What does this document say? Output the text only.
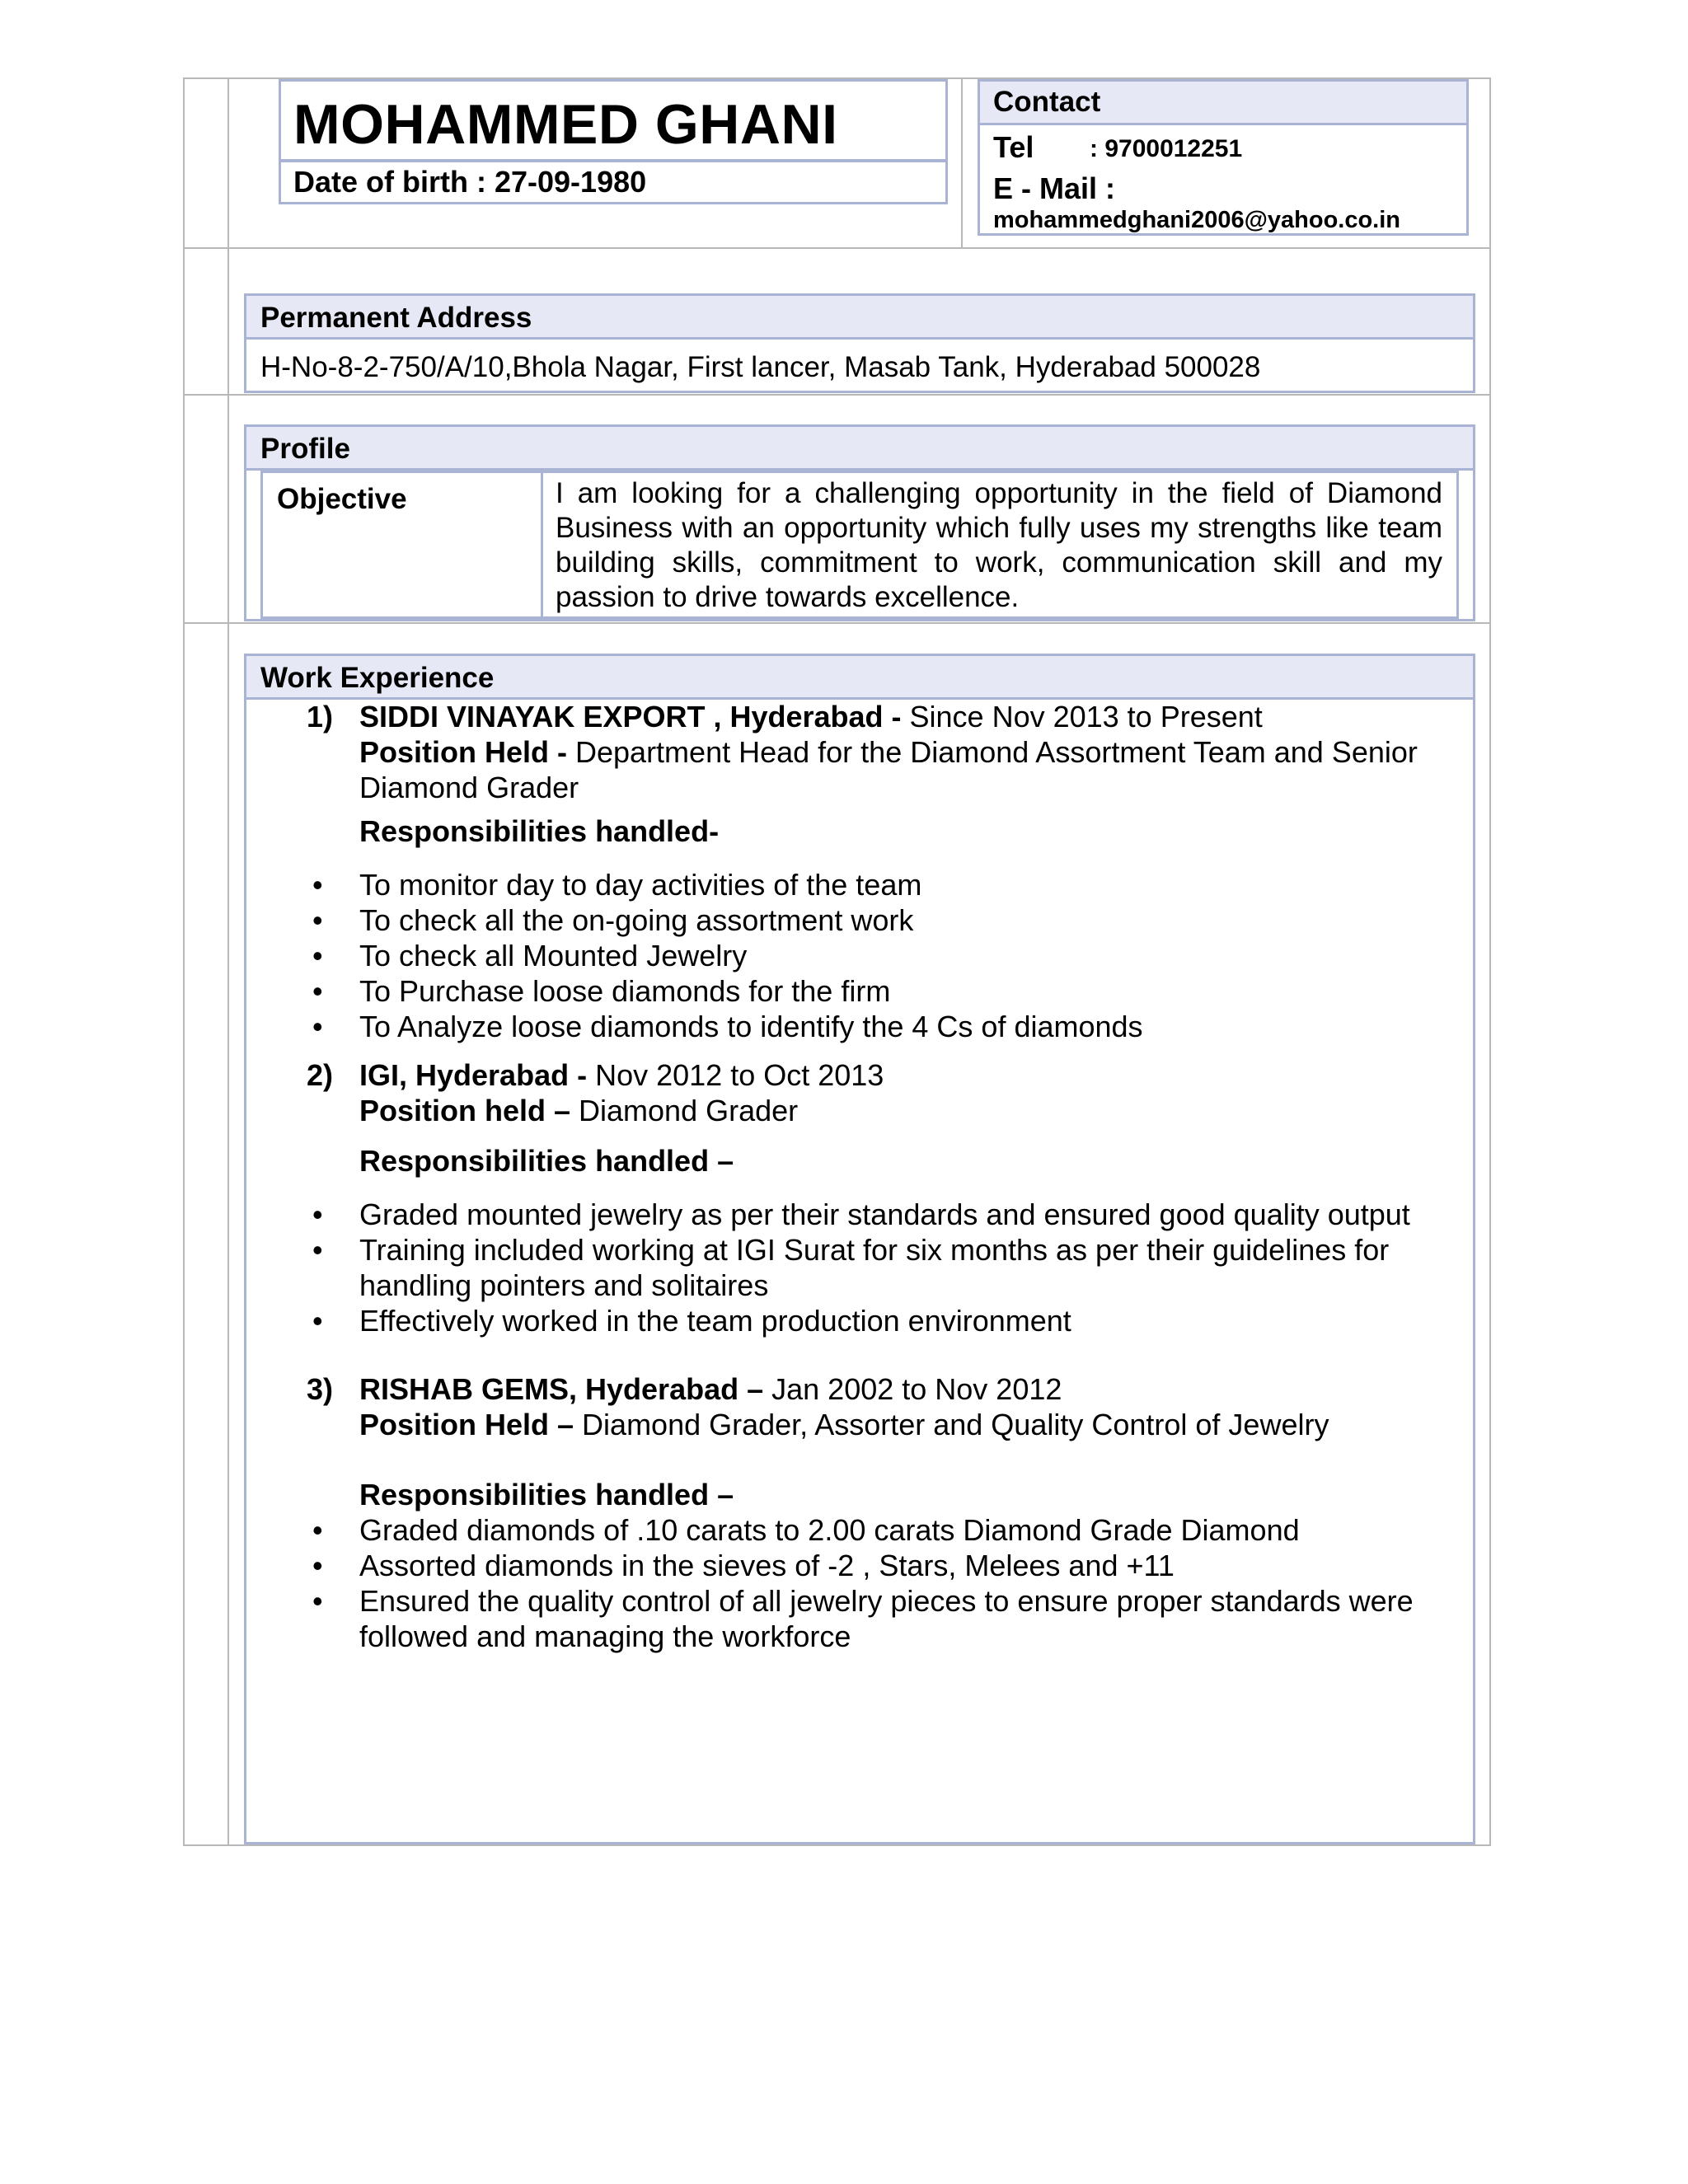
MOHAMMED GHANI
Date of birth : 27-09-1980
Contact
Tel : 9700012251
E - Mail :
mohammedghani2006@yahoo.co.in
Permanent Address
H-No-8-2-750/A/10,Bhola Nagar, First lancer, Masab Tank, Hyderabad 500028
Profile
Objective	I am looking for a challenging opportunity in the field of Diamond Business with an opportunity which fully uses my strengths like team building skills, commitment to work, communication skill and my passion to drive towards excellence.
Work Experience
1) SIDDI VINAYAK EXPORT , Hyderabad - Since Nov 2013 to Present
Position Held - Department Head for the Diamond Assortment Team and Senior Diamond Grader
Responsibilities handled-
• To monitor day to day activities of the team
• To check all the on-going assortment work
• To check all Mounted Jewelry
• To Purchase loose diamonds for the firm
• To Analyze loose diamonds to identify the 4 Cs of diamonds
2) IGI, Hyderabad - Nov 2012 to Oct 2013
Position held – Diamond Grader
Responsibilities handled –
• Graded mounted jewelry as per their standards and ensured good quality output
• Training included working at IGI Surat for six months as per their guidelines for handling pointers and solitaires
• Effectively worked in the team production environment
3) RISHAB GEMS, Hyderabad – Jan 2002 to Nov 2012
Position Held – Diamond Grader, Assorter and Quality Control of Jewelry
Responsibilities handled –
• Graded diamonds of .10 carats to 2.00 carats Diamond Grade Diamond
• Assorted diamonds in the sieves of -2 , Stars, Melees and +11
• Ensured the quality control of all jewelry pieces to ensure proper standards were followed and managing the workforce
